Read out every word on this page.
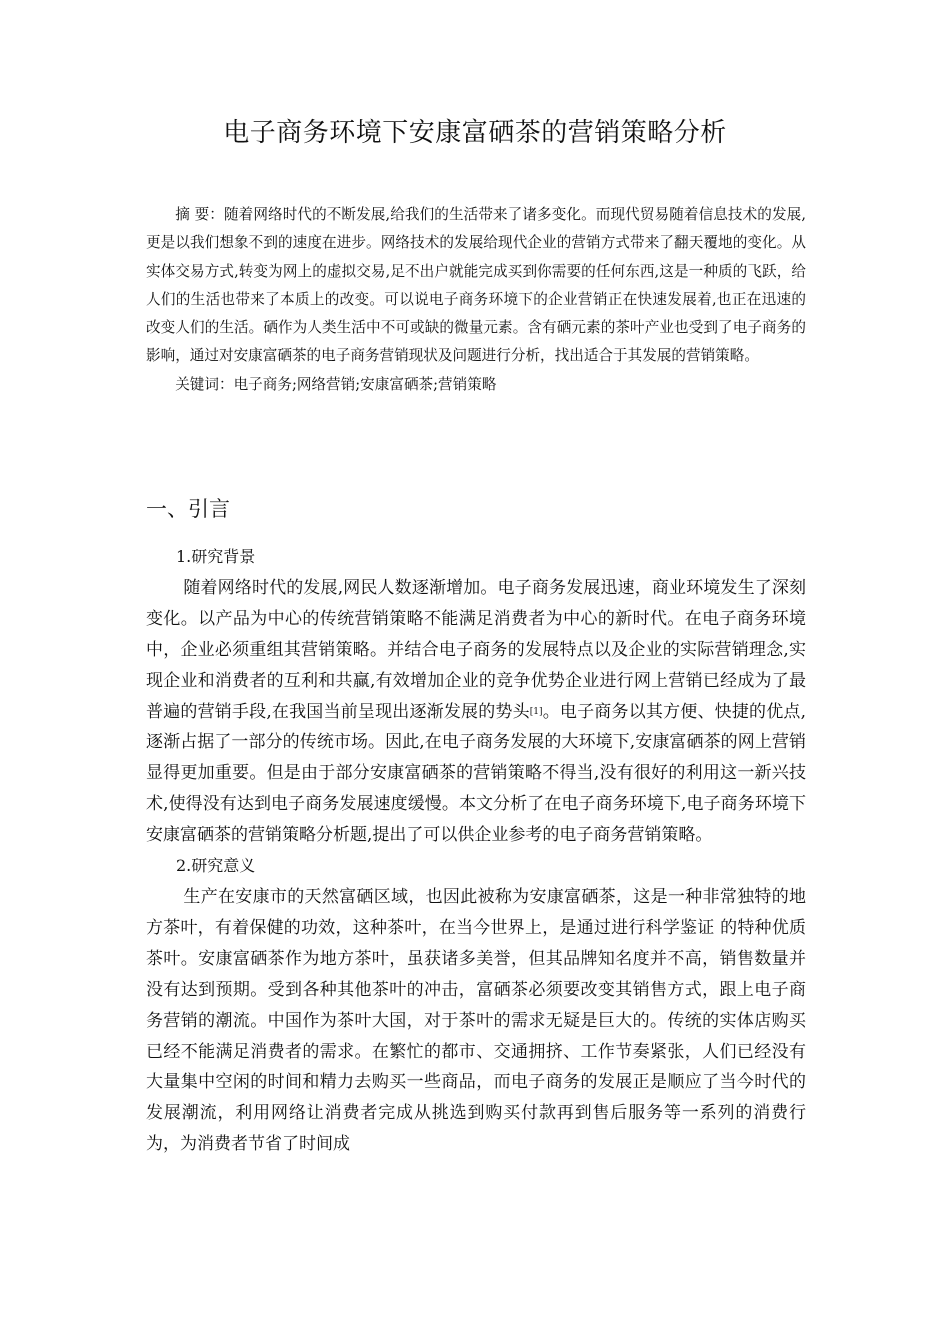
电子商务环境下安康富硒茶的营销策略分析

摘 要：随着网络时代的不断发展,给我们的生活带来了诸多变化。而现代贸易随着信息技术的发展,更是以我们想象不到的速度在进步。网络技术的发展给现代企业的营销方式带来了翻天覆地的变化。从实体交易方式,转变为网上的虚拟交易,足不出户就能完成买到你需要的任何东西,这是一种质的飞跃，给人们的生活也带来了本质上的改变。可以说电子商务环境下的企业营销正在快速发展着,也正在迅速的改变人们的生活。硒作为人类生活中不可或缺的微量元素。含有硒元素的茶叶产业也受到了电子商务的影响，通过对安康富硒茶的电子商务营销现状及问题进行分析，找出适合于其发展的营销策略。

关键词：电子商务;网络营销;安康富硒茶;营销策略

一、引言

1.研究背景

随着网络时代的发展,网民人数逐渐增加。电子商务发展迅速，商业环境发生了深刻变化。以产品为中心的传统营销策略不能满足消费者为中心的新时代。在电子商务环境中，企业必须重组其营销策略。并结合电子商务的发展特点以及企业的实际营销理念,实现企业和消费者的互利和共赢,有效增加企业的竞争优势企业进行网上营销已经成为了最普遍的营销手段,在我国当前呈现出逐渐发展的势头[1]。电子商务以其方便、快捷的优点,逐渐占据了一部分的传统市场。因此,在电子商务发展的大环境下,安康富硒茶的网上营销显得更加重要。但是由于部分安康富硒茶的营销策略不得当,没有很好的利用这一新兴技术,使得没有达到电子商务发展速度缓慢。本文分析了在电子商务环境下,电子商务环境下安康富硒茶的营销策略分析题,提出了可以供企业参考的电子商务营销策略。

2.研究意义

生产在安康市的天然富硒区域，也因此被称为安康富硒茶，这是一种非常独特的地方茶叶，有着保健的功效，这种茶叶，在当今世界上，是通过进行科学鉴证 的特种优质茶叶。安康富硒茶作为地方茶叶，虽获诸多美誉，但其品牌知名度并不高，销售数量并没有达到预期。受到各种其他茶叶的冲击，富硒茶必须要改变其销售方式，跟上电子商务营销的潮流。中国作为茶叶大国，对于茶叶的需求无疑是巨大的。传统的实体店购买已经不能满足消费者的需求。在繁忙的都市、交通拥挤、工作节奏紧张，人们已经没有大量集中空闲的时间和精力去购买一些商品，而电子商务的发展正是顺应了当今时代的发展潮流，利用网络让消费者完成从挑选到购买付款再到售后服务等一系列的消费行为，为消费者节省了时间成
